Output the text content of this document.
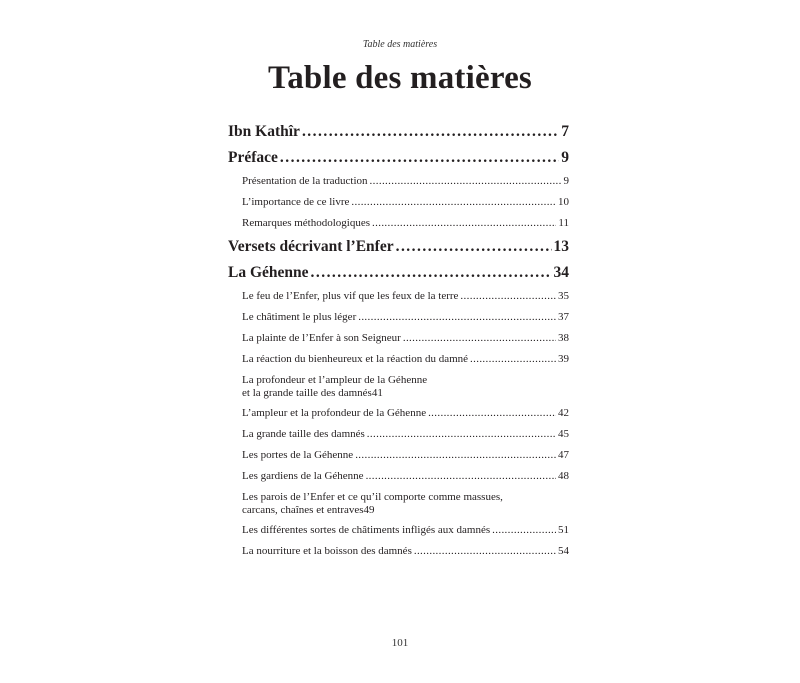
Table des matières
Table des matières
Ibn Kathîr . . .	7
Préface . . .	9
Présentation de la traduction . . .	9
L’importance de ce livre . . .	10
Remarques méthodologiques . . .	11
Versets décrivant l’Enfer . . .	13
La Géhenne . . .	34
Le feu de l’Enfer, plus vif que les feux de la terre . . .	35
Le châtiment le plus léger . . .	37
La plainte de l’Enfer à son Seigneur . . .	38
La réaction du bienheureux et la réaction du damné . . .	39
La profondeur et l’ampleur de la Géhenne
et la grande taille des damnés 41
L’ampleur et la profondeur de la Géhenne . . .	42
La grande taille des damnés . . .	45
Les portes de la Géhenne . . .	47
Les gardiens de la Géhenne . . .	48
Les parois de l’Enfer et ce qu’il comporte comme massues,
carcans, chaînes et entraves 49
Les différentes sortes de châtiments infligés aux damnés . . .	51
La nourriture et la boisson des damnés . . .	54
101
